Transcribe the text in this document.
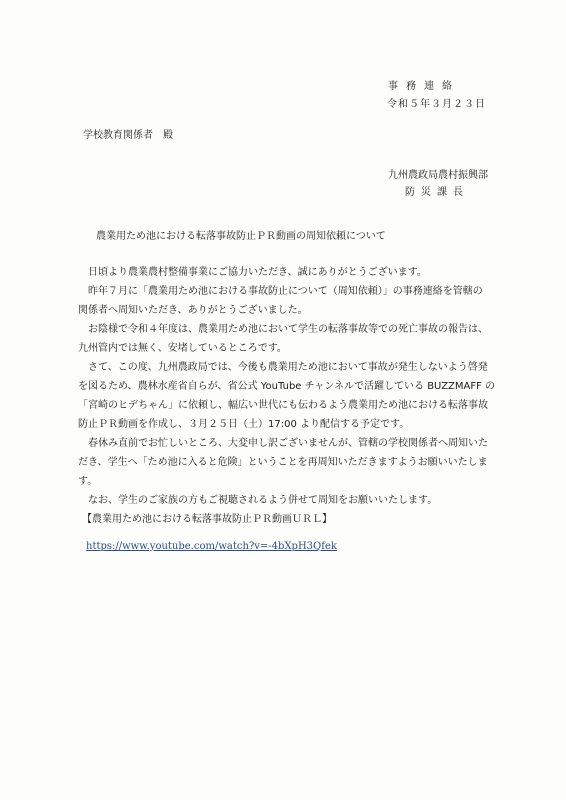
事務連絡
令和５年３月２３日
学校教育関係者　殿
九州農政局農村振興部
防災課長
農業用ため池における転落事故防止ＰＲ動画の周知依頼について

日頃より農業農村整備事業にご協力いただき、誠にありがとうございます。

昨年７月に「農業用ため池における事故防止について（周知依頼）」の事務連絡を管轄の

関係者へ周知いただき、ありがとうございました。

お陰様で令和４年度は、農業用ため池において学生の転落事故等での死亡事故の報告は、

九州管内では無く、安堵しているところです。

さて、この度、九州農政局では、今後も農業用ため池において事故が発生しないよう啓発

を図るため、農林水産省自らが、省公式 YouTube チャンネルで活躍している BUZZMAFF の

「宮崎のヒデちゃん」に依頼し、幅広い世代にも伝わるよう農業用ため池における転落事故

防止ＰＲ動画を作成し、３月２５日（土）17:00 より配信する予定です。

春休み直前でお忙しいところ、大変申し訳ございませんが、管轄の学校関係者へ周知いた

だき、学生へ「ため池に入ると危険」ということを再周知いただきますようお願いいたしま

す。

なお、学生のご家族の方もご視聴されるよう併せて周知をお願いいたします。

【農業用ため池における転落事故防止ＰＲ動画ＵＲＬ】
https://www.youtube.com/watch?v=-4bXpH3Qfek
